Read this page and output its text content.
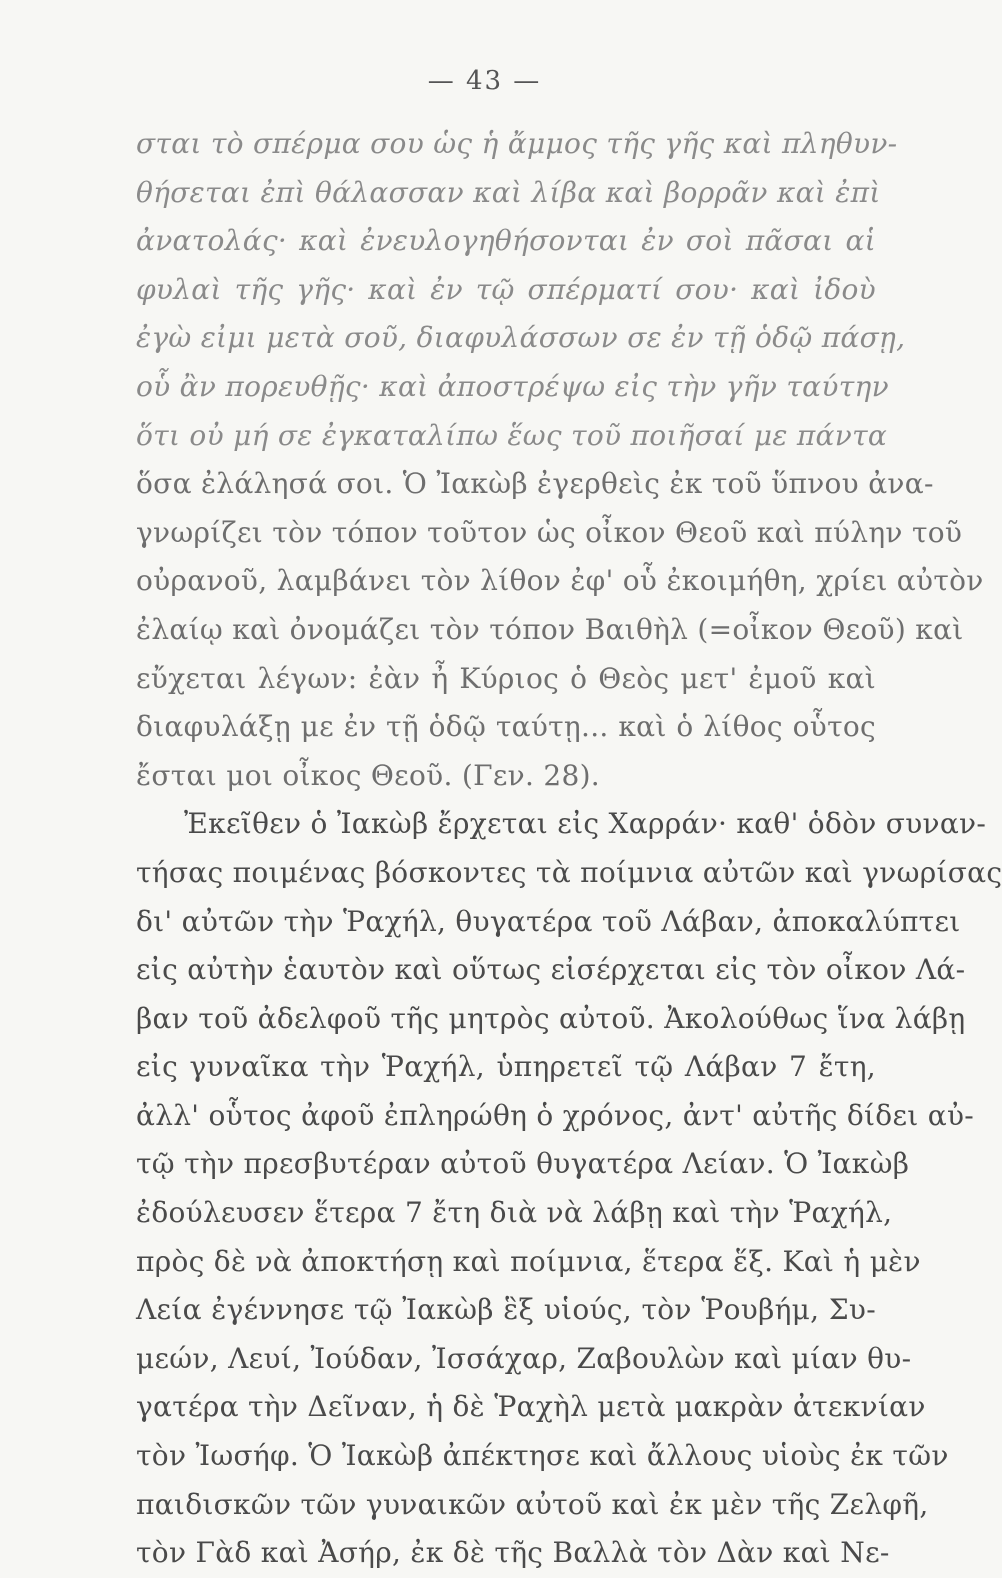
— 43 —
σται τὸ σπέρμα σου ὡς ἡ ἄμμος τῆς γῆς καὶ πληθυν-
θήσεται ἐπὶ θάλασσαν καὶ λίβα καὶ βορρᾶν καὶ ἐπὶ
ἀνατολάς· καὶ ἐνευλογηθήσονται ἐν σοὶ πᾶσαι αἱ
φυλαὶ τῆς γῆς· καὶ ἐν τῷ σπέρματί σου· καὶ ἰδοὺ
ἐγὼ εἰμι μετὰ σοῦ, διαφυλάσσων σε ἐν τῇ ὁδῷ πάσῃ,
οὗ ἂν πορευθῇς· καὶ ἀποστρέψω εἰς τὴν γῆν ταύτην
ὅτι οὐ μή σε ἐγκαταλίπω ἕως τοῦ ποιῆσαί με πάντα
ὅσα ἐλάλησά σοι. Ὁ Ἰακὼβ ἐγερθεὶς ἐκ τοῦ ὕπνου ἀνα-
γνωρίζει τὸν τόπον τοῦτον ὡς οἶκον Θεοῦ καὶ πύλην τοῦ
οὐρανοῦ, λαμβάνει τὸν λίθον ἐφ' οὗ ἐκοιμήθη, χρίει αὐτὸν
ἐλαίῳ καὶ ὀνομάζει τὸν τόπον Βαιθὴλ (=οἶκον Θεοῦ) καὶ
εὔχεται λέγων: ἐὰν ἦ Κύριος ὁ Θεὸς μετ' ἐμοῦ καὶ
διαφυλάξῃ με ἐν τῇ ὁδῷ ταύτῃ... καὶ ὁ λίθος οὗτος
ἔσται μοι οἶκος Θεοῦ. (Γεν. 28).
Ἐκεῖθεν ὁ Ἰακὼβ ἔρχεται εἰς Χαρράν· καθ' ὁδὸν συναν-
τήσας ποιμένας βόσκοντες τὰ ποίμνια αὐτῶν καὶ γνωρίσας
δι' αὐτῶν τὴν Ῥαχήλ, θυγατέρα τοῦ Λάβαν, ἀποκαλύπτει
εἰς αὐτὴν ἑαυτὸν καὶ οὕτως εἰσέρχεται εἰς τὸν οἶκον Λά-
βαν τοῦ ἀδελφοῦ τῆς μητρὸς αὐτοῦ. Ἀκολούθως ἵνα λάβῃ
εἰς γυναῖκα τὴν Ῥαχήλ, ὑπηρετεῖ τῷ Λάβαν 7 ἔτη,
ἀλλ' οὗτος ἀφοῦ ἐπληρώθη ὁ χρόνος, ἀντ' αὐτῆς δίδει αὐ-
τῷ τὴν πρεσβυτέραν αὐτοῦ θυγατέρα Λείαν. Ὁ Ἰακὼβ
ἐδούλευσεν ἕτερα 7 ἔτη διὰ νὰ λάβῃ καὶ τὴν Ῥαχήλ,
πρὸς δὲ νὰ ἀποκτήσῃ καὶ ποίμνια, ἕτερα ἕξ. Καὶ ἡ μὲν
Λεία ἐγέννησε τῷ Ἰακὼβ ἓξ υἱούς, τὸν Ῥουβήμ, Συ-
μεών, Λευί, Ἰούδαν, Ἰσσάχαρ, Ζαβουλὼν καὶ μίαν θυ-
γατέρα τὴν Δεῖναν, ἡ δὲ Ῥαχὴλ μετὰ μακρὰν ἀτεκνίαν
τὸν Ἰωσήφ. Ὁ Ἰακὼβ ἀπέκτησε καὶ ἄλλους υἱοὺς ἐκ τῶν
παιδισκῶν τῶν γυναικῶν αὐτοῦ καὶ ἐκ μὲν τῆς Ζελφῆ,
τὸν Γὰδ καὶ Ἀσήρ, ἐκ δὲ τῆς Βαλλὰ τὸν Δὰν καὶ Νε-
